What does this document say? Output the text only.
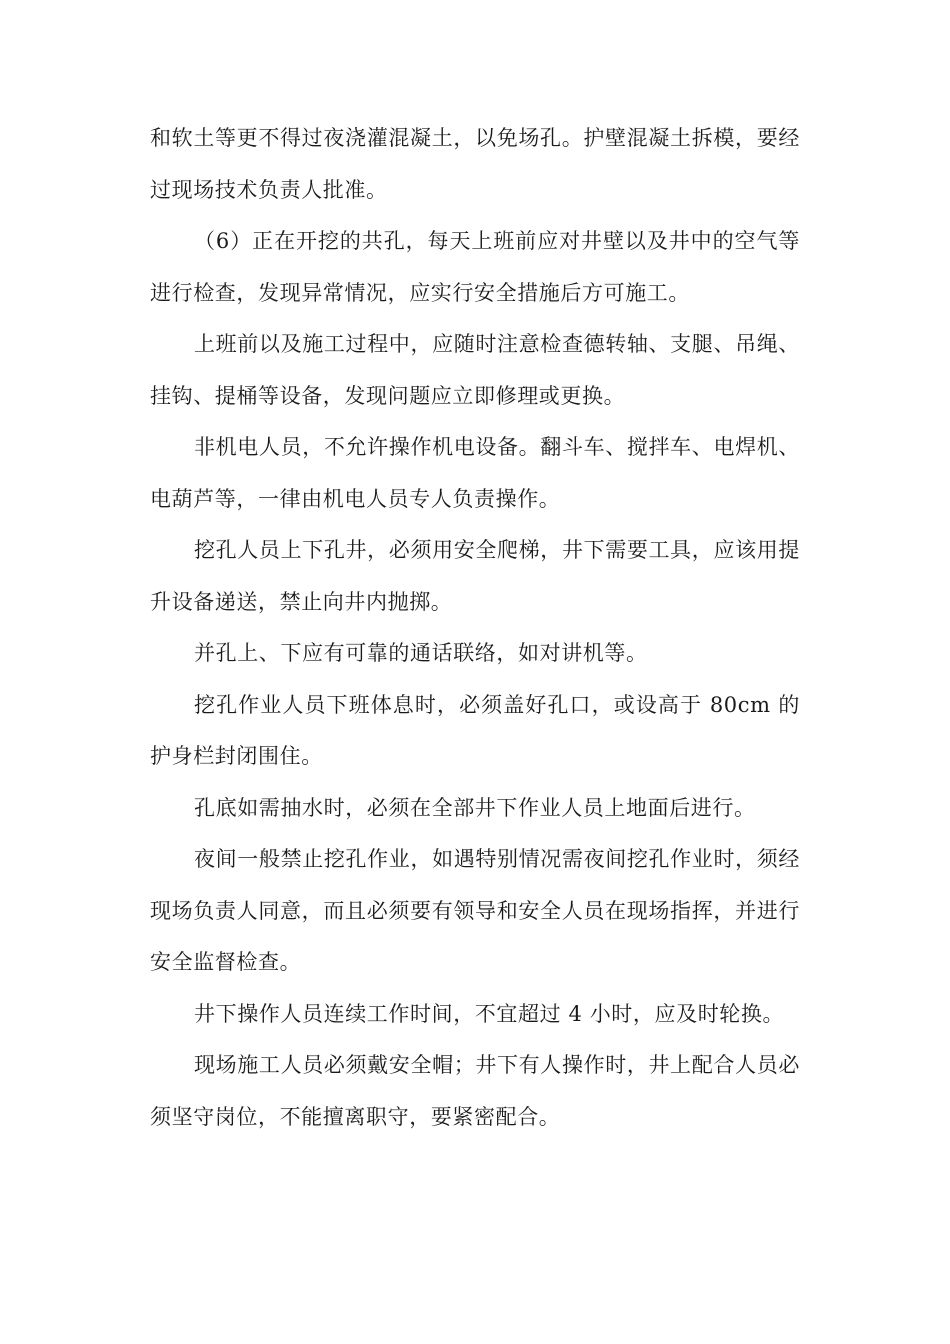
和软土等更不得过夜浇灌混凝土，以免场孔。护壁混凝土拆模，要经过现场技术负责人批准。

（6）正在开挖的共孔，每天上班前应对井壁以及井中的空气等进行检查，发现异常情况，应实行安全措施后方可施工。

上班前以及施工过程中，应随时注意检查德转轴、支腿、吊绳、挂钩、提桶等设备，发现问题应立即修理或更换。

非机电人员，不允许操作机电设备。翻斗车、搅拌车、电焊机、电葫芦等，一律由机电人员专人负责操作。

挖孔人员上下孔井，必须用安全爬梯，井下需要工具，应该用提升设备递送，禁止向井内抛掷。

并孔上、下应有可靠的通话联络，如对讲机等。

挖孔作业人员下班体息时，必须盖好孔口，或设高于 80cm 的护身栏封闭围住。

孔底如需抽水时，必须在全部井下作业人员上地面后进行。

夜间一般禁止挖孔作业，如遇特别情况需夜间挖孔作业时，须经现场负责人同意，而且必须要有领导和安全人员在现场指挥，并进行安全监督检查。

井下操作人员连续工作时间，不宜超过 4 小时，应及时轮换。

现场施工人员必须戴安全帽；井下有人操作时，井上配合人员必须坚守岗位，不能擅离职守，要紧密配合。
